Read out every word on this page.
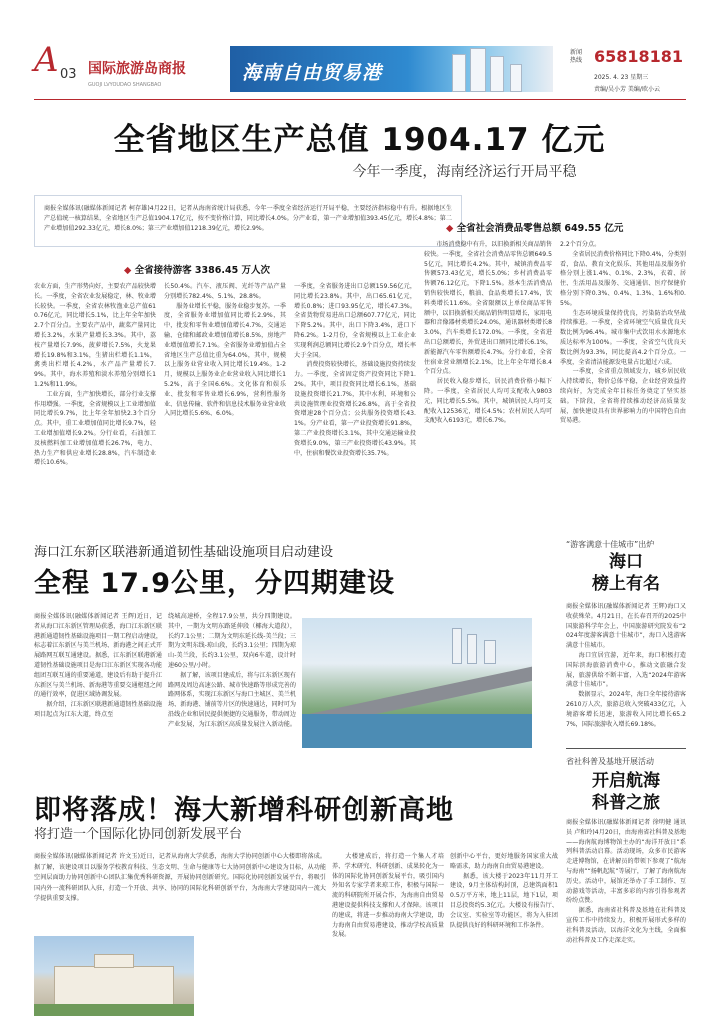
A 03 国际旅游岛商报
GUOJI LVYOUDAO SHANGBAO
海南自由贸易港
新闻热线 65818181
2025. 4. 23 星期三
责编/吴小芳 美编/欧小云
全省地区生产总值 1904.17 亿元
今年一季度，海南经济运行开局平稳
商报全媒体讯(融媒体新闻记者 柯存雄)4月22日，记者从海南省统计局获悉，今年一季度全省经济运行开局平稳，主要经济指标稳中有升。根据地区生产总值统一核算结果，全省地区生产总值1904.17亿元，按不变价格计算，同比增长4.0%。分产业看，第一产业增加值393.45亿元，增长4.8%；第二产业增加值292.33亿元，增长8.0%；第三产业增加值1218.39亿元，增长2.9%。	◆ 全省社会消费品零售总额 649.55 亿元
◆ 全省接待游客 3386.45 万人次
农业方面，生产形势向好，主要农产品较快增长。一季度，全省农业发展稳定，林、牧业增长较快。一季度，全省农林牧渔业总产值610.76亿元，同比增长5.1%，比上年全年加快2.7个百分点。主要农产品中，蔬菜产量同比增长3.2%，水果产量增长3.3%。其中，荔枝产量增长7.9%，菠萝增长7.5%，火龙果增长19.8%和3.1%，生猪出栏增长1.1%，禽类出栏增长4.2%，水产品产量增长7.9%。其中，海水养殖和淡水养殖分别增长11.2%和11.9%。
　　工业方面，生产加快增长，部分行业支撑作用增强。一季度，全省规模以上工业增加值同比增长9.7%，比上年全年加快2.3个百分点。其中，重工业增加值同比增长9.7%，轻工业增加值增长9.2%。分行业看，石油加工及核燃料加工业增加值增长26.7%，电力、热力生产和供应业增长28.8%，汽车制造业增长10.6%。
长50.4%。汽车、液压阀、光纤等产品产量分别增长782.4%、5.1%、28.8%。
　　服务业增长平稳，服务业稳步复苏。一季度，全省服务业增加值同比增长2.9%，其中，批发和零售业增加值增长4.7%，交通运输、仓储和邮政业增加值增长8.5%，房地产业增加值增长7.1%。全省服务业增加值占全省地区生产总值比重为64.0%，其中，规模以上服务业营业收入同比增长19.4%。1-2月，规模以上服务业企业营业收入同比增长15.2%，高于全国6.6%。文化体育和娱乐业、批发和零售业增长6.9%，营利性服务业、信息传输、软件和信息技术服务业营业收入同比增长5.6%、6.0%。
一季度，全省服务进出口总额159.56亿元，同比增长23.8%。其中，出口65.61亿元，增长0.8%；进口93.95亿元，增长47.3%。全省货物贸易进出口总额607.77亿元，同比下降5.2%。其中，出口下降3.4%，进口下降6.2%。1-2月份，全省规模以上工业企业实现利润总额同比增长2.9个百分点，增长率大于全国。
　　消费投资较快增长，基础设施投资持续发力。一季度，全省固定资产投资同比下降1.2%。其中，项目投资同比增长6.1%，基础设施投资增长21.7%，其中水利、环境和公共设施管理业投资增长26.8%，高于全省投资增速28个百分点；公共服务投资增长43.1%。分产业看，第一产业投资增长91.8%，第二产业投资增长3.1%，其中交通运输业投资增长9.0%，第三产业投资增长43.9%。其中，住宿和餐饮业投资增长35.7%。
　　市场消费稳中有升，以旧换新相关商品销售较快。一季度，全省社会消费品零售总额649.55亿元，同比增长4.2%。其中，城镇消费品零售额573.43亿元，增长5.0%；乡村消费品零售额76.12亿元，下降1.5%。基本生活消费品销售较快增长，粮油、食品类增长17.4%，饮料类增长11.6%。全省限额以上单位商品零售额中，以旧换新相关商品销售明显增长，家用电器和音像器材类增长24.0%，通讯器材类增长83.0%，汽车类增长172.0%。一季度，全省进出口总额增长，外贸进出口额同比增长6.1%，新能源汽车零售额增长4.7%。分行业看，全省住宿业营业额增长2.1%，比上年全年增长8.4个百分点。
　　居民收入稳步增长，居民消费价格小幅下降。一季度，全省居民人均可支配收入9803元，同比增长5.5%。其中，城镇居民人均可支配收入12536元，增长4.5%；农村居民人均可支配收入6193元，增长6.7%。
2.2个百分点。
　　全省居民消费价格同比下降0.4%，分类别看，食品、教育文化娱乐、其他用品及服务价格分别上涨1.4%、0.1%、2.3%，衣着、居住、生活用品及服务、交通通信、医疗保健价格分别下降0.3%、0.4%、1.3%、1.6%和0.5%。
　　生态环境质量保持优良，污染防治攻坚战持续推进。一季度，全省环境空气质量优良天数比例为96.4%。城市集中式饮用水水源地水质达标率为100%。一季度，全省空气优良天数比例为93.3%，同比提高4.2个百分点。一季度，全省清洁能源发电量占比超过六成。
　　一季度，全省重点领域发力，城乡居民收入持续增长，物价总体平稳，企业经营效益持续向好，为完成全年目标任务奠定了坚实基础。下阶段，全省将持续推动经济高质量发展，加快建设具有世界影响力的中国特色自由贸易港。
海口江东新区联港新通道韧性基础设施项目启动建设
全程 17.9公里，分四期建设
商报全媒体讯(融媒体新闻记者 王辉)近日，记者从海口江东新区管理局获悉，海口江东新区联港新通道韧性基础设施项目一期工程启动建设，标志着江东新区与美兰机场、新海港之间正式开展路网互联互通建设。据悉，江东新区联港新通道韧性基础设施项目是海口江东新区实现各功能组团互联互通的重要通道，建设后有助于提升江东新区与美兰机场、新海港等重要交通枢纽之间的通行效率，促进区域协调发展。
　　据介绍，江东新区联港新通道韧性基础设施项目起点为江东大道，终点至
绕城高速桥，全程17.9公里，共分四期建设。其中，一期为文明东路延伸段（椰海大道段），长约7.1公里；二期为文明东延长线-美兰段；三期为文明东线-琼山段，长约3.1公里；四期为琼山-美兰段，长约3.1公里，双向6车道，设计时速60公里/小时。
　　据了解，该项目建成后，将与江东新区现有路网及周边高速公路、城市快速路等形成完善的路网体系，实现江东新区与海口主城区、美兰机场、新海港、铺前等片区的快速通达，同时可为沿线企业和居民提供便捷的交通服务，带动周边产业发展，为江东新区高质量发展注入新动能。
“游客满意十佳城市”出炉
海口
榜上有名
商报全媒体讯(融媒体新闻记者 王辉)海口又收获殊荣。4月21日，在长春召开的2025中国旅游科学年会上，中国旅游研究院发布“2024年度游客满意十佳城市”，海口入选游客满意十佳城市。
　　海口宜居宜游，近年来，海口积极打造国际滨海旅游消费中心，推动文旅融合发展，旅游供给不断丰富，入选“2024年游客满意十佳城市”。
　　数据显示，2024年，海口全年接待游客2610万人次，旅游总收入突破433亿元，入境游客增长迅速，旅游收入同比增长65.27%，国际旅游收入增长69.18%。
省社科普及基地开展活动
开启航海
科普之旅
商报全媒体讯(融媒体新闻记者 徐明健 通讯员 卢和玲)4月20日，由海南省社科普及基地——海南航海博物馆主办的“海洋开放日”系列科普活动启幕。活动现场，众多市民游客走进博物馆，在讲解员的带领下参观了“航海与海南”“扬帆起航”等展厅，了解了海南航海历史。活动中，展馆还举办了手工制作、互动游戏等活动，丰富多彩的内容引得参观者纷纷点赞。
　　据悉，海南省社科普及基地在社科普及宣传工作中持续发力，积极开展形式多样的社科普及活动，以海洋文化为主线，全面推动社科普及工作走深走实。
即将落成！海大新增科研创新高地
将打造一个国际化协同创新发展平台
商报全媒体讯(融媒体新闻记者 许文玉)近日，记者从海南大学获悉，海南大学协同创新中心大楼即将落成。据了解，该建设项目以服务学校教育科技、生态文明、生命与健康等七大协同创新中心建设为目标，从功能空间层面助力协同创新中心团队汇集优秀科研资源，开展协同创新研究。国际化协同创新发展平台，将吸引国内外一流科研团队入驻，打造一个开放、共享、协同的国际化科研创新平台，为海南大学建设国内一流大学提供重要支撑。
　　大楼建成后，将打造一个集人才培养、学术研究、科研创新、成果转化为一体的国际化协同创新发展平台，吸引国内外知名专家学者来琼工作，积极与国际一流的科研院所开展合作，为海南自由贸易港建设提供科技支撑和人才保障。该项目的建成，将进一步推动海南大学建设，助力海南自由贸易港建设，推动学校高质量发展。
创新中心平台，更好地服务国家重大战略需求，助力海南自由贸易港建设。
　　据悉，该大楼于2023年11月开工建设，9月主体结构封顶，总建筑面积10.5万平方米，地上11层，地下1层，项目总投资约5.3亿元。大楼设有报告厅、会议室、实验室等功能区，将为入驻团队提供良好的科研环境和工作条件。
